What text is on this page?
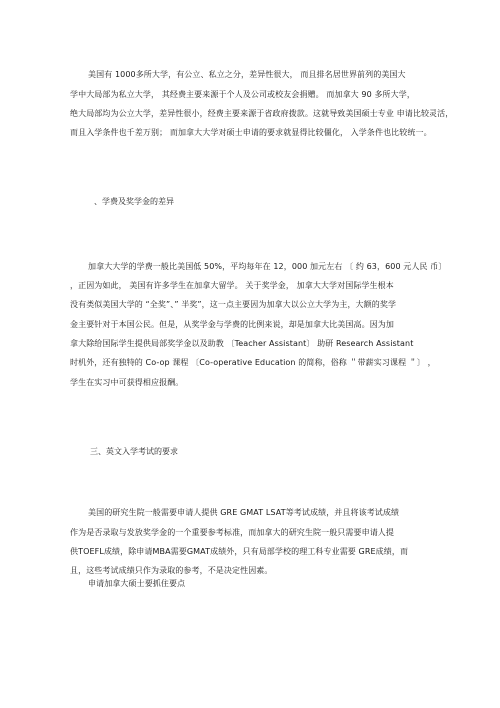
美国有 1000多所大学，有公立、私立之分，差异性很大， 而且排名居世界前列的美国大
学中大局部为私立大学， 其经费主要来源于个人及公司或校友会捐赠。 而加拿大 90 多所大学，
绝大局部均为公立大学，差异性很小，经费主要来源于省政府拨款。这就导致美国硕士专业 申请比较灵活，
而且入学条件也千差万别； 而加拿大大学对硕士申请的要求就显得比较僵化， 入学条件也比较统一。
、学费及奖学金的差异
加拿大大学的学费一般比美国低 50%，平均每年在 12，000 加元左右 〔 约 63，600 元人民 币〕
，正因为如此， 美国有许多学生在加拿大留学。 关于奖学金， 加拿大大学对国际学生根本
没有类似美国大学的 “全奖”、” 半奖”，这一点主要因为加拿大以公立大学为主，大额的奖学
金主要针对于本国公民。但是，从奖学金与学费的比例来说，却是加拿大比美国高。因为加
拿大除给国际学生提供局部奖学金以及助教 〔Teacher Assistant〕 助研 Research Assistant
时机外，还有独特的 Co-op 课程 〔Co-operative Education 的简称，俗称 ＂带薪实习课程 ＂〕 ，
学生在实习中可获得相应报酬。
三、英文入学考试的要求
美国的研究生院一般需要申请人提供 GRE GMAT LSAT等考试成绩，并且将该考试成绩
作为是否录取与发放奖学金的一个重要参考标准，而加拿大的研究生院一般只需要申请人提
供TOEFL成绩，除申请MBA需要GMAT成绩外，只有局部学校的理工科专业需要 GRE成绩，而
且，这些考试成绩只作为录取的参考，不是决定性因素。
申请加拿大硕士要抓住要点
